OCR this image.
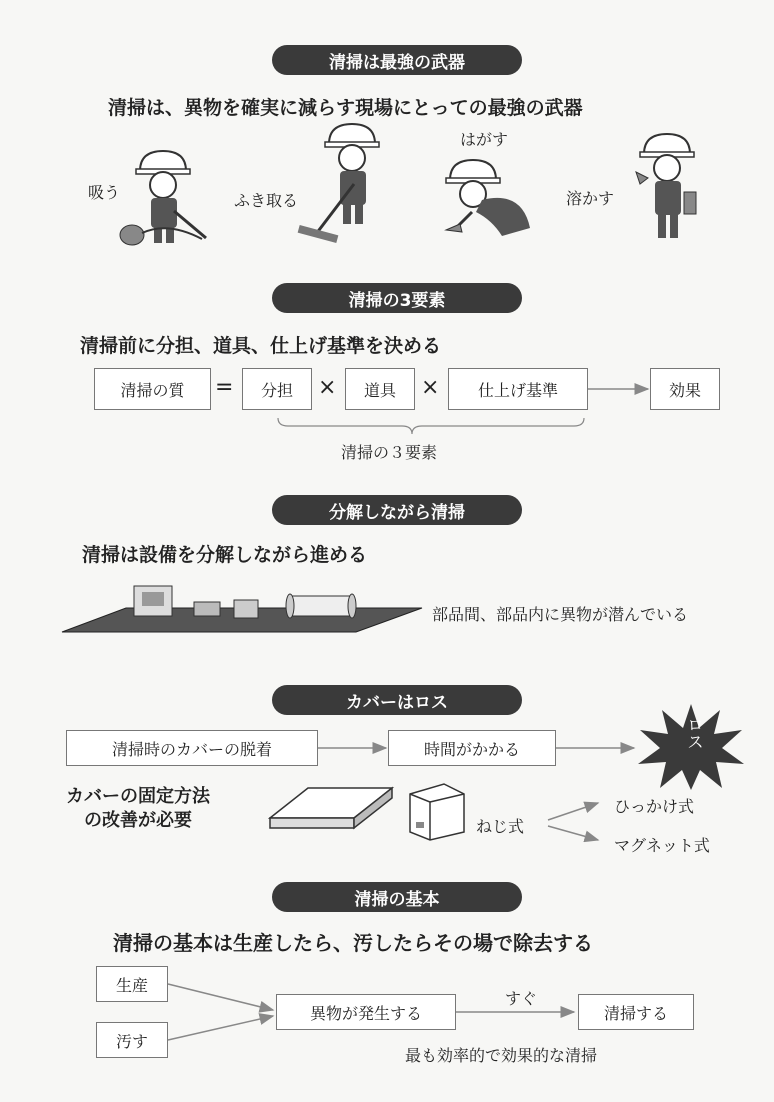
清掃は最強の武器
清掃は、異物を確実に減らす現場にとっての最強の武器
吸う	ふき取る
はがす
溶かす
清掃の3要素
清掃前に分担、道具、仕上げ基準を決める
清掃の質	=	分担	×	道具	×	仕上げ基準	効果
清掃の３要素
分解しながら清掃
清掃は設備を分解しながら進める
部品間、部品内に異物が潜んでいる
カバーはロス
清掃時のカバーの脱着	時間がかかる	ロス
カバーの固定方法
の改善が必要	ねじ式
ひっかけ式
マグネット式
清掃の基本
清掃の基本は生産したら、汚したらその場で除去する
生産
汚す
異物が発生する
すぐ
清掃する
最も効率的で効果的な清掃
